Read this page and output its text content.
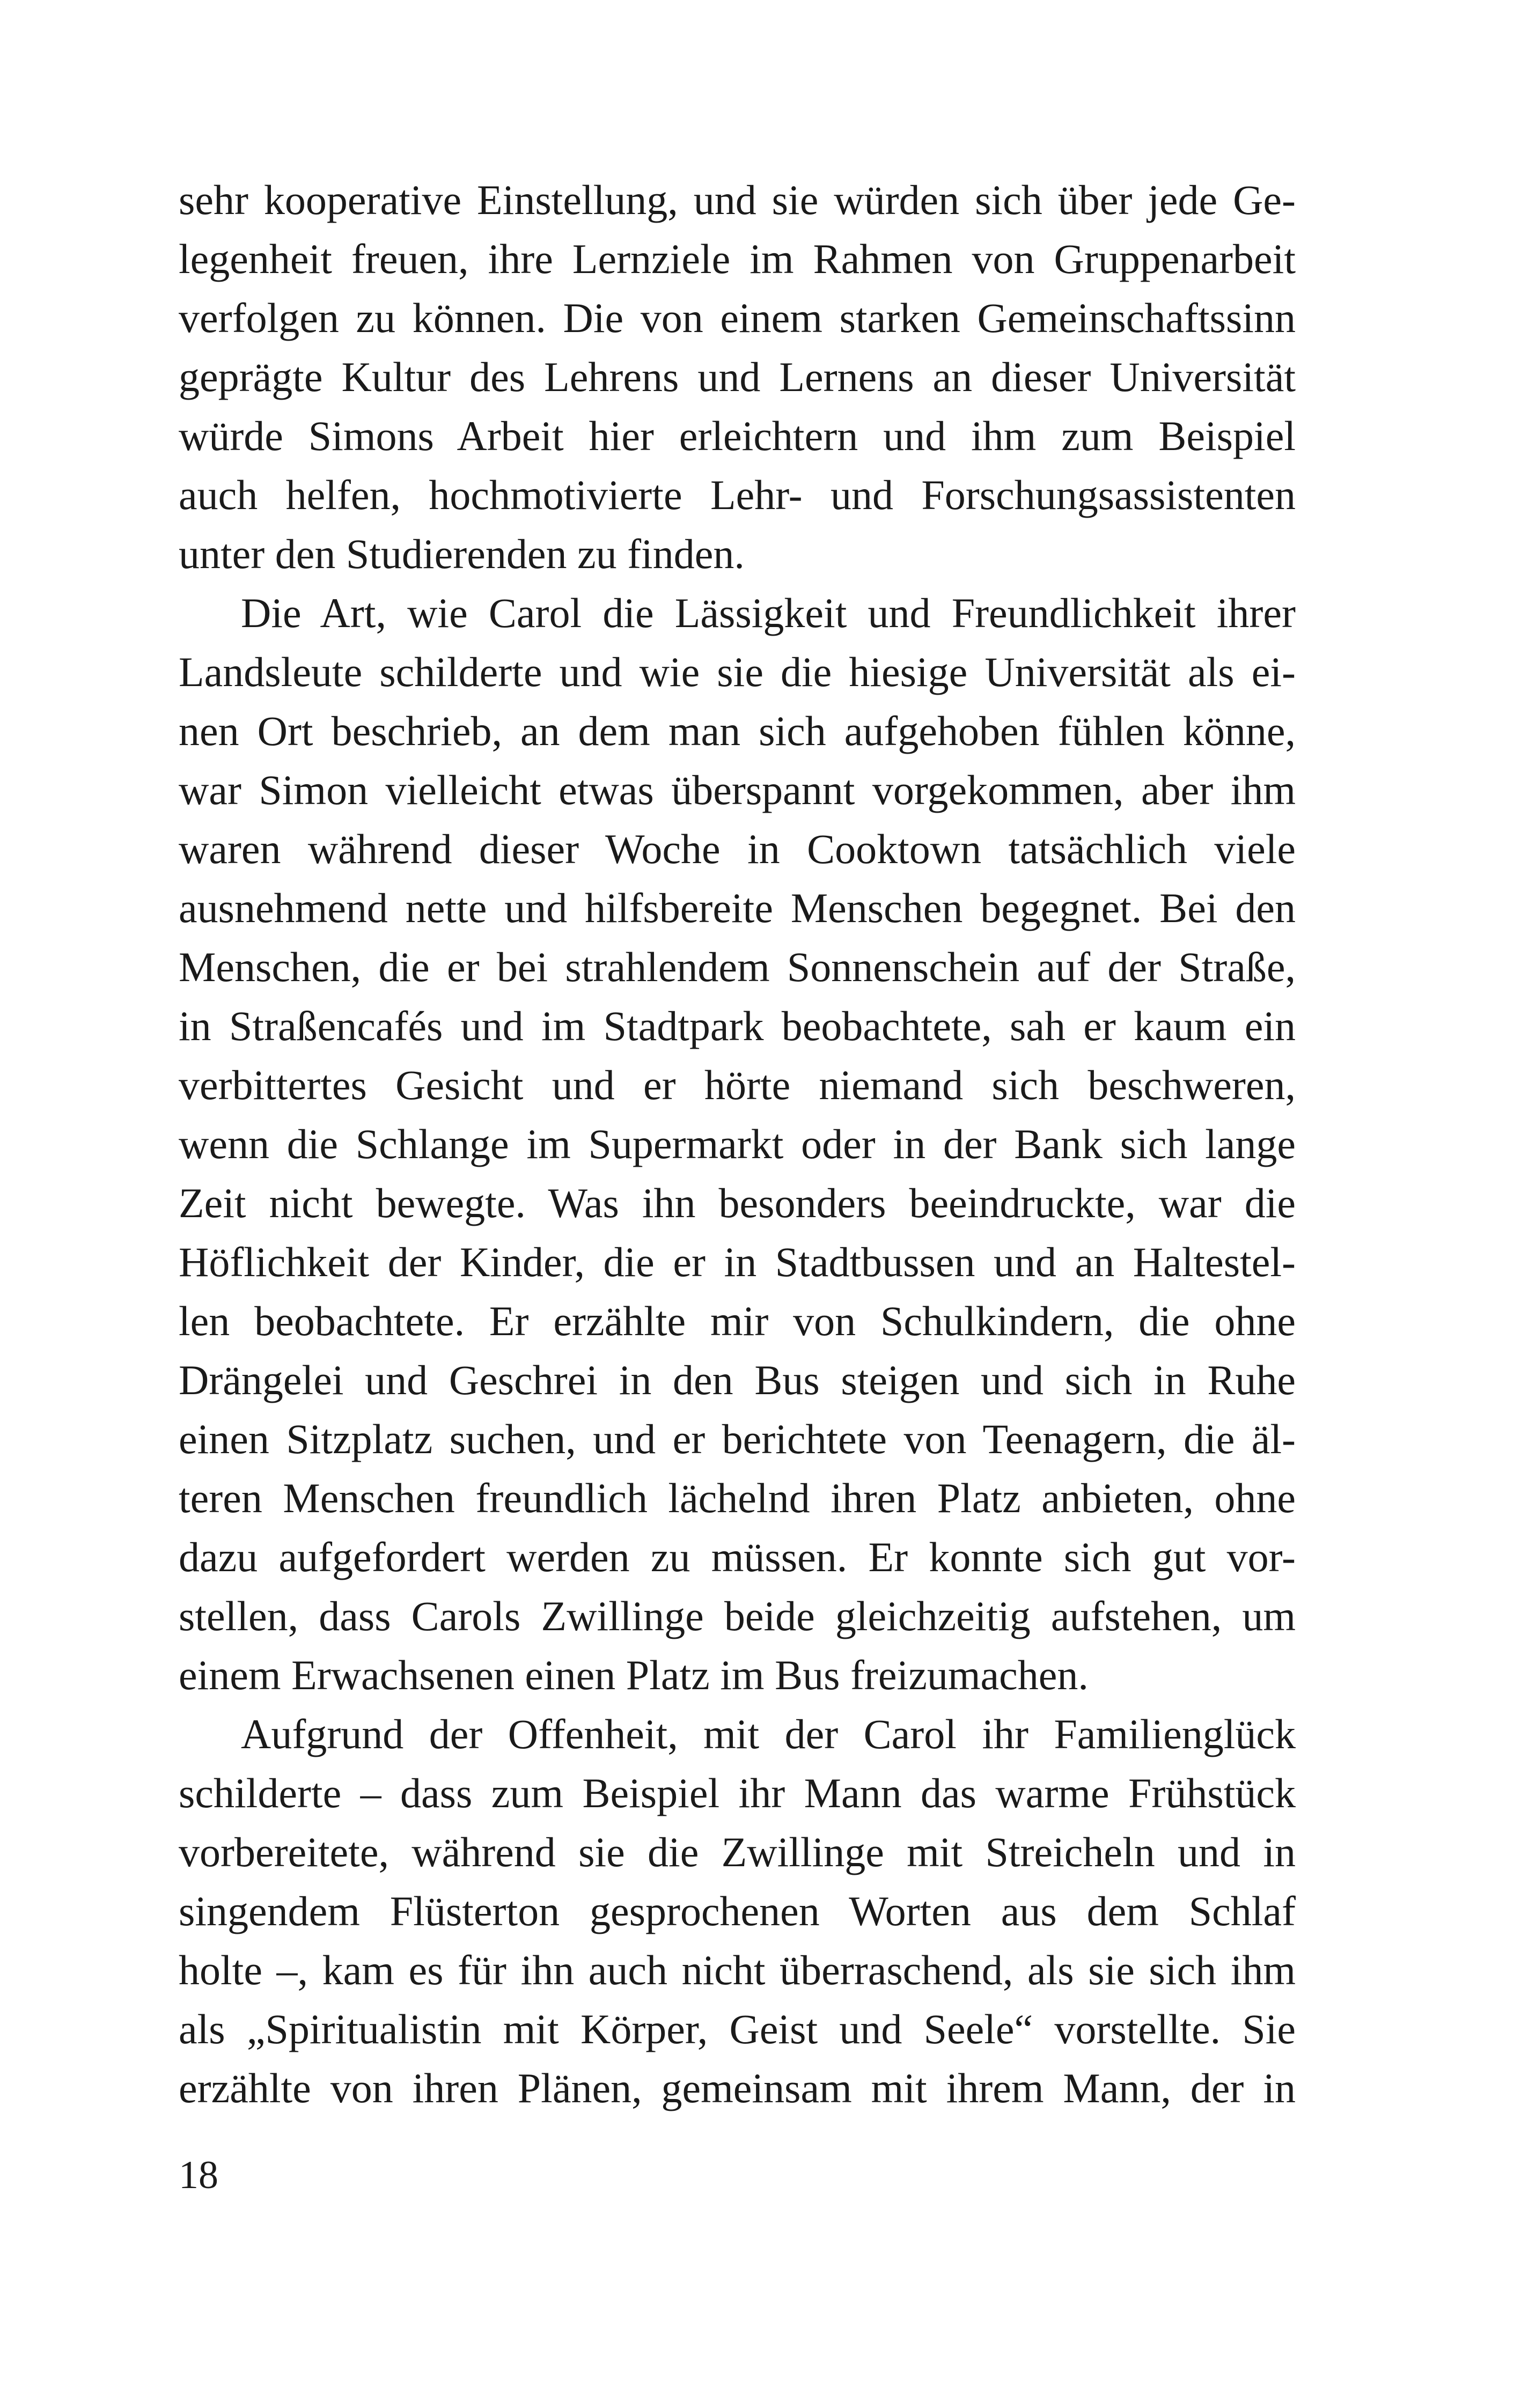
sehr kooperative Einstellung, und sie würden sich über jede Ge-
legenheit freuen, ihre Lernziele im Rahmen von Gruppenarbeit
verfolgen zu können. Die von einem starken Gemeinschaftssinn
geprägte Kultur des Lehrens und Lernens an dieser Universität
würde Simons Arbeit hier erleichtern und ihm zum Beispiel
auch helfen, hochmotivierte Lehr- und Forschungsassistenten
unter den Studierenden zu finden.

Die Art, wie Carol die Lässigkeit und Freundlichkeit ihrer
Landsleute schilderte und wie sie die hiesige Universität als ei-
nen Ort beschrieb, an dem man sich aufgehoben fühlen könne,
war Simon vielleicht etwas überspannt vorgekommen, aber ihm
waren während dieser Woche in Cooktown tatsächlich viele
ausnehmend nette und hilfsbereite Menschen begegnet. Bei den
Menschen, die er bei strahlendem Sonnenschein auf der Straße,
in Straßencafés und im Stadtpark beobachtete, sah er kaum ein
verbittertes Gesicht und er hörte niemand sich beschweren,
wenn die Schlange im Supermarkt oder in der Bank sich lange
Zeit nicht bewegte. Was ihn besonders beeindruckte, war die
Höflichkeit der Kinder, die er in Stadtbussen und an Haltestel-
len beobachtete. Er erzählte mir von Schulkindern, die ohne
Drängelei und Geschrei in den Bus steigen und sich in Ruhe
einen Sitzplatz suchen, und er berichtete von Teenagern, die äl-
teren Menschen freundlich lächelnd ihren Platz anbieten, ohne
dazu aufgefordert werden zu müssen. Er konnte sich gut vor-
stellen, dass Carols Zwillinge beide gleichzeitig aufstehen, um
einem Erwachsenen einen Platz im Bus freizumachen.

Aufgrund der Offenheit, mit der Carol ihr Familienglück
schilderte – dass zum Beispiel ihr Mann das warme Frühstück
vorbereitete, während sie die Zwillinge mit Streicheln und in
singendem Flüsterton gesprochenen Worten aus dem Schlaf
holte –, kam es für ihn auch nicht überraschend, als sie sich ihm
als „Spiritualistin mit Körper, Geist und Seele“ vorstellte. Sie
erzählte von ihren Plänen, gemeinsam mit ihrem Mann, der in

18
